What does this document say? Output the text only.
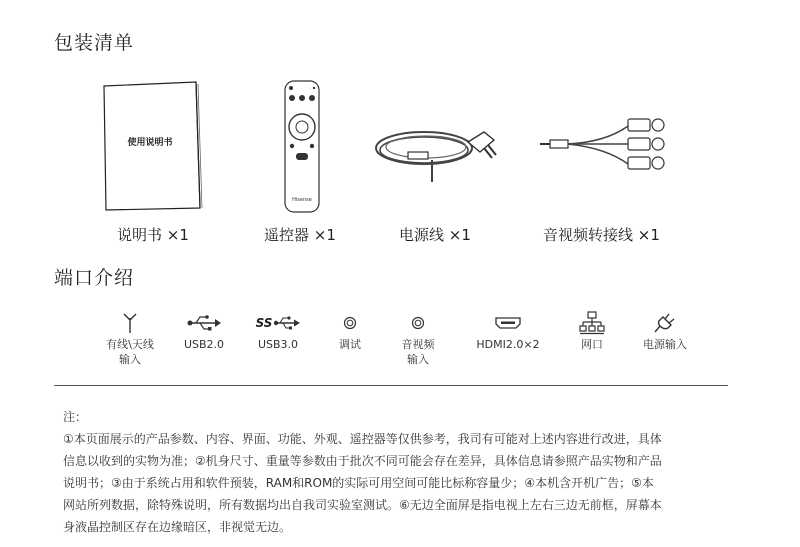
包装清单
使用说明书
Hisense
说明书 ×1	遥控器 ×1	电源线 ×1	音视频转接线 ×1
端口介绍
有线\天线
输入
USB2.0
SS
USB3.0	调试	音视频
输入
HDMI2.0×2	网口	电源输入

注：

①本页面展示的产品参数、内容、界面、功能、外观、遥控器等仅供参考，我司有可能对上述内容进行改进，具体

信息以收到的实物为准；②机身尺寸、重量等参数由于批次不同可能会存在差异，具体信息请参照产品实物和产品

说明书；③由于系统占用和软件预装，RAM和ROM的实际可用空间可能比标称容量少；④本机含开机广告；⑤本

网站所列数据，除特殊说明，所有数据均出自我司实验室测试。⑥无边全面屏是指电视上左右三边无前框，屏幕本

身液晶控制区存在边缘暗区，非视觉无边。
